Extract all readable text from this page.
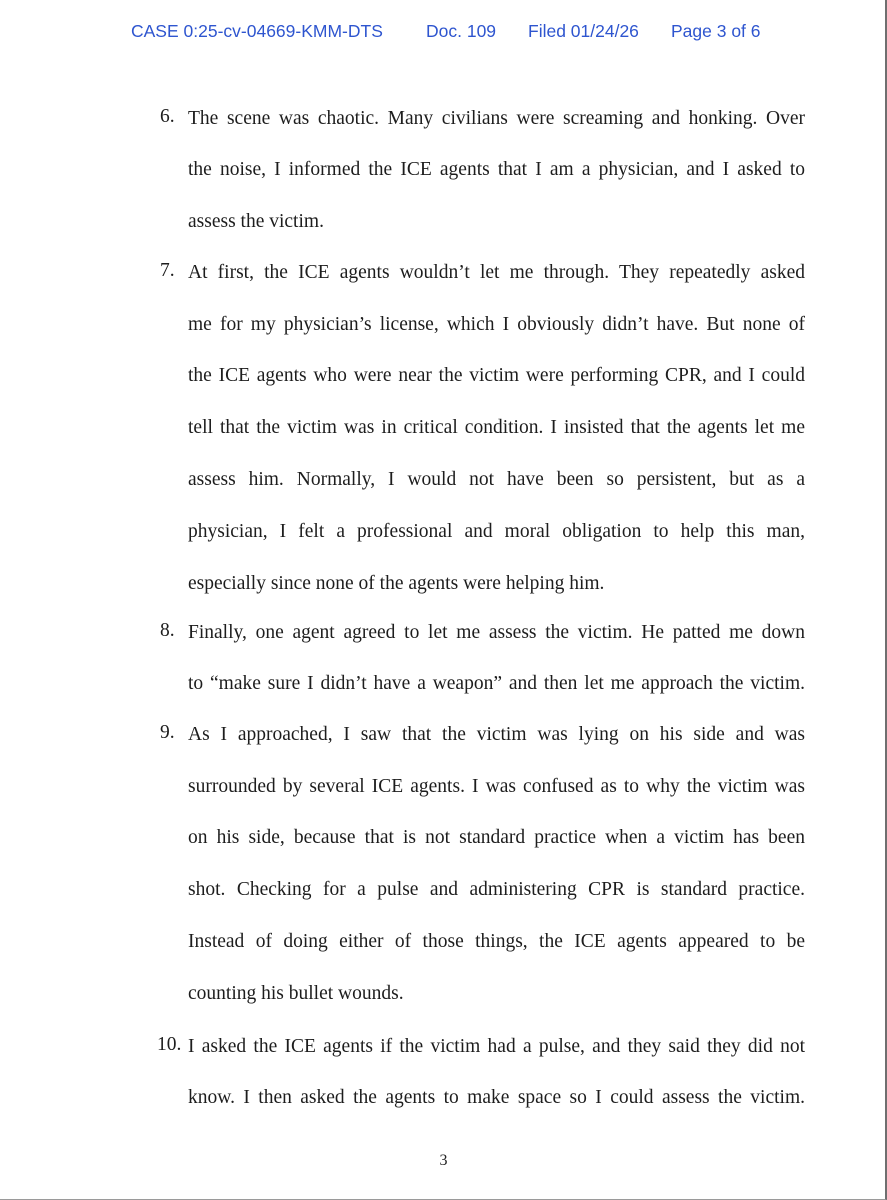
CASE 0:25-cv-04669-KMM-DTS Doc. 109 Filed 01/24/26 Page 3 of 6
6. The scene was chaotic. Many civilians were screaming and honking. Over
the noise, I informed the ICE agents that I am a physician, and I asked to
assess the victim.
7. At first, the ICE agents wouldn’t let me through. They repeatedly asked
me for my physician’s license, which I obviously didn’t have. But none of
the ICE agents who were near the victim were performing CPR, and I could
tell that the victim was in critical condition. I insisted that the agents let me
assess him. Normally, I would not have been so persistent, but as a
physician, I felt a professional and moral obligation to help this man,
especially since none of the agents were helping him.
8. Finally, one agent agreed to let me assess the victim. He patted me down
to “make sure I didn’t have a weapon” and then let me approach the victim.
9. As I approached, I saw that the victim was lying on his side and was
surrounded by several ICE agents. I was confused as to why the victim was
on his side, because that is not standard practice when a victim has been
shot. Checking for a pulse and administering CPR is standard practice.
Instead of doing either of those things, the ICE agents appeared to be
counting his bullet wounds.
10. I asked the ICE agents if the victim had a pulse, and they said they did not
know. I then asked the agents to make space so I could assess the victim.
3
